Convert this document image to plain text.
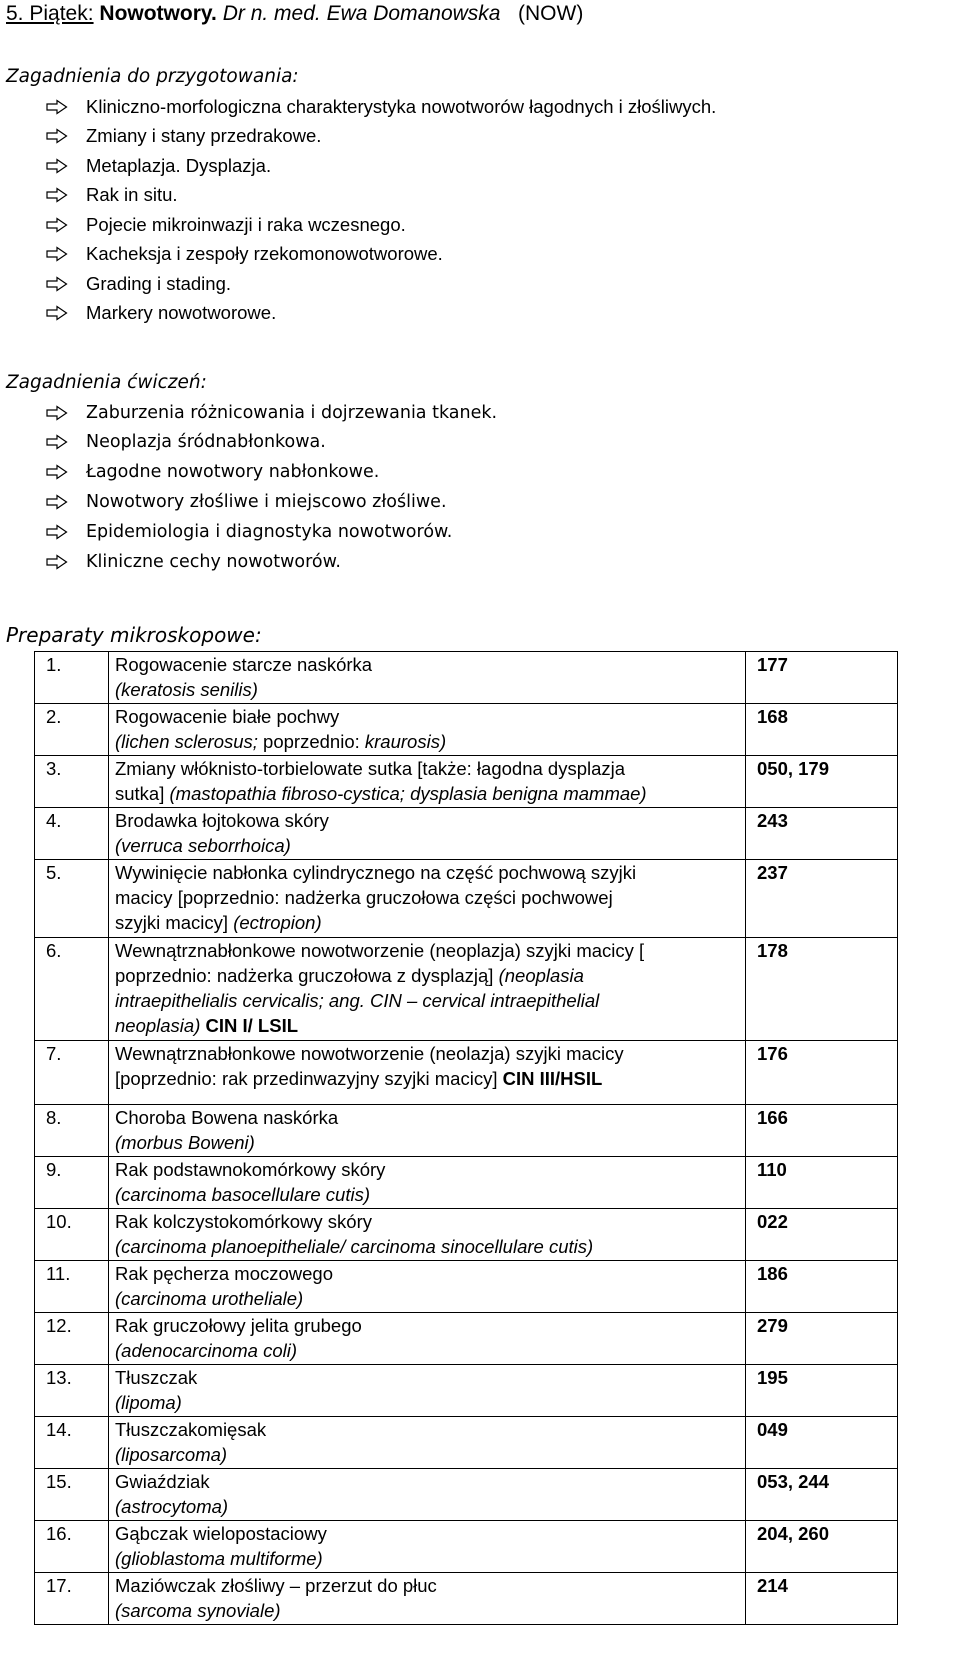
5. Piątek: Nowotwory. Dr n. med. Ewa Domanowska (NOW)
Zagadnienia do przygotowania:
Kliniczno-morfologiczna charakterystyka nowotworów łagodnych i złośliwych.
Zmiany i stany przedrakowe.
Metaplazja. Dysplazja.
Rak in situ.
Pojecie mikroinwazji i raka wczesnego.
Kacheksja i zespoły rzekomonowotworowe.
Grading i stading.
Markery nowotworowe.
Zagadnienia ćwiczeń:
Zaburzenia różnicowania i dojrzewania tkanek.
Neoplazja śródnabłonkowa.
Łagodne nowotwory nabłonkowe.
Nowotwory złośliwe i miejscowo złośliwe.
Epidemiologia i diagnostyka nowotworów.
Kliniczne cechy nowotworów.
Preparaty mikroskopowe:
1.	Rogowacenie starcze naskórka
(keratosis senilis)	177

2.	Rogowacenie białe pochwy
(lichen sclerosus; poprzednio: kraurosis)	168

3.	Zmiany włóknisto-torbielowate sutka [także: łagodna dysplazja
sutka] (mastopathia fibroso-cystica; dysplasia benigna mammae)	050, 179

4.	Brodawka łojtokowa skóry
(verruca seborrhoica)	243

5.	Wywinięcie nabłonka cylindrycznego na część pochwową szyjki
macicy [poprzednio: nadżerka gruczołowa części pochwowej
szyjki macicy] (ectropion)	237

6.	Wewnątrznabłonkowe nowotworzenie (neoplazja) szyjki macicy [
poprzednio: nadżerka gruczołowa z dysplazją] (neoplasia
intraepithelialis cervicalis; ang. CIN – cervical intraepithelial
neoplasia) CIN I/ LSIL	178

7.	Wewnątrznabłonkowe nowotworzenie (neolazja) szyjki macicy
[poprzednio: rak przedinwazyjny szyjki macicy] CIN III/HSIL	176

8.	Choroba Bowena naskórka
(morbus Boweni)	166

9.	Rak podstawnokomórkowy skóry
(carcinoma basocellulare cutis)	110

10.	Rak kolczystokomórkowy skóry
(carcinoma planoepitheliale/ carcinoma sinocellulare cutis)	022

11.	Rak pęcherza moczowego
(carcinoma urotheliale)	186

12.	Rak gruczołowy jelita grubego
(adenocarcinoma coli)	279

13.	Tłuszczak
(lipoma)	195

14.	Tłuszczakomięsak
(liposarcoma)	049

15.	Gwiaździak
(astrocytoma)	053, 244

16.	Gąbczak wielopostaciowy
(glioblastoma multiforme)	204, 260

17.	Maziówczak złośliwy – przerzut do płuc
(sarcoma synoviale)	214
